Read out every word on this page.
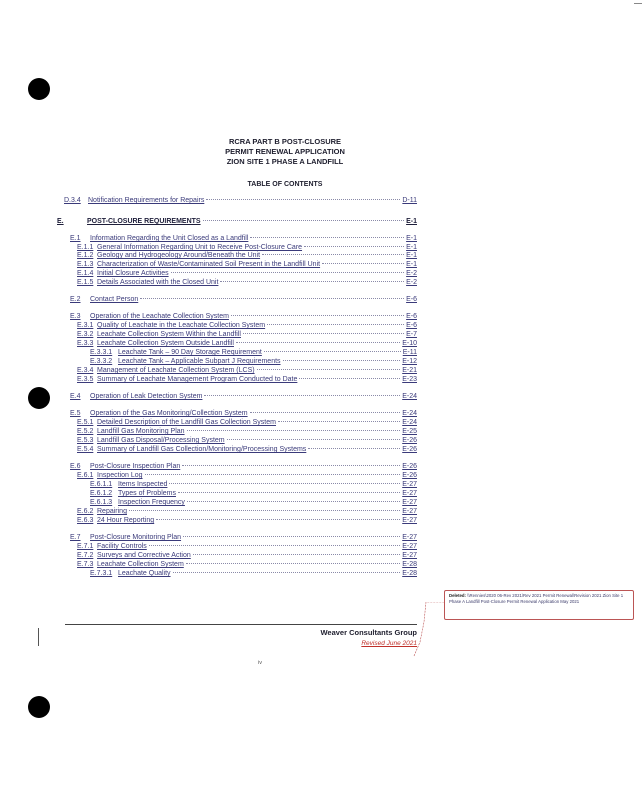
RCRA PART B POST-CLOSURE
PERMIT RENEWAL APPLICATION
ZION SITE 1 PHASE A LANDFILL
TABLE OF CONTENTS
D.3.4	Notification Requirements for Repairs	D-11
E.	POST-CLOSURE REQUIREMENTS	E-1
E.1	Information Regarding the Unit Closed as a Landfill	E-1
E.1.1 General Information Regarding Unit to Receive Post-Closure Care	E-1
E.1.2 Geology and Hydrogeology Around/Beneath the Unit	E-1
E.1.3 Characterization of Waste/Contaminated Soil Present in the Landfill Unit	E-1
E.1.4 Initial Closure Activities	E-2
E.1.5 Details Associated with the Closed Unit	E-2
E.2	Contact Person	E-6
E.3	Operation of the Leachate Collection System	E-6
E.3.1 Quality of Leachate in the Leachate Collection System	E-6
E.3.2 Leachate Collection System Within the Landfill	E-7
E.3.3 Leachate Collection System Outside Landfill	E-10
E.3.3.1 Leachate Tank – 90 Day Storage Requirement	E-11
E.3.3.2 Leachate Tank – Applicable Subpart J Requirements	E-12
E.3.4 Management of Leachate Collection System (LCS)	E-21
E.3.5 Summary of Leachate Management Program Conducted to Date	E-23
E.4	Operation of Leak Detection System	E-24
E.5	Operation of the Gas Monitoring/Collection System	E-24
E.5.1 Detailed Description of the Landfill Gas Collection System	E-24
E.5.2 Landfill Gas Monitoring Plan	E-25
E.5.3 Landfill Gas Disposal/Processing System	E-26
E.5.4 Summary of Landfill Gas Collection/Monitoring/Processing Systems	E-26
E.6	Post-Closure Inspection Plan	E-26
E.6.1 Inspection Log	E-26
E.6.1.1 Items Inspected	E-27
E.6.1.2 Types of Problems	E-27
E.6.1.3 Inspection Frequency	E-27
E.6.2 Repairing	E-27
E.6.3 24 Hour Reporting	E-27
E.7	Post-Closure Monitoring Plan	E-27
E.7.1 Facility Controls	E-27
E.7.2 Surveys and Corrective Action	E-27
E.7.3 Leachate Collection System	E-28
E.7.3.1 Leachate Quality	E-28
Deleted: \\Rennies\2020 06-Rev 2021\Rev 2021 Permit Renewal\Revision 2021 Zion Site 1 Phase A Landfill Post-Closure Permit Renewal Application May 2021
Weaver Consultants Group
Revised June 2021
iv
